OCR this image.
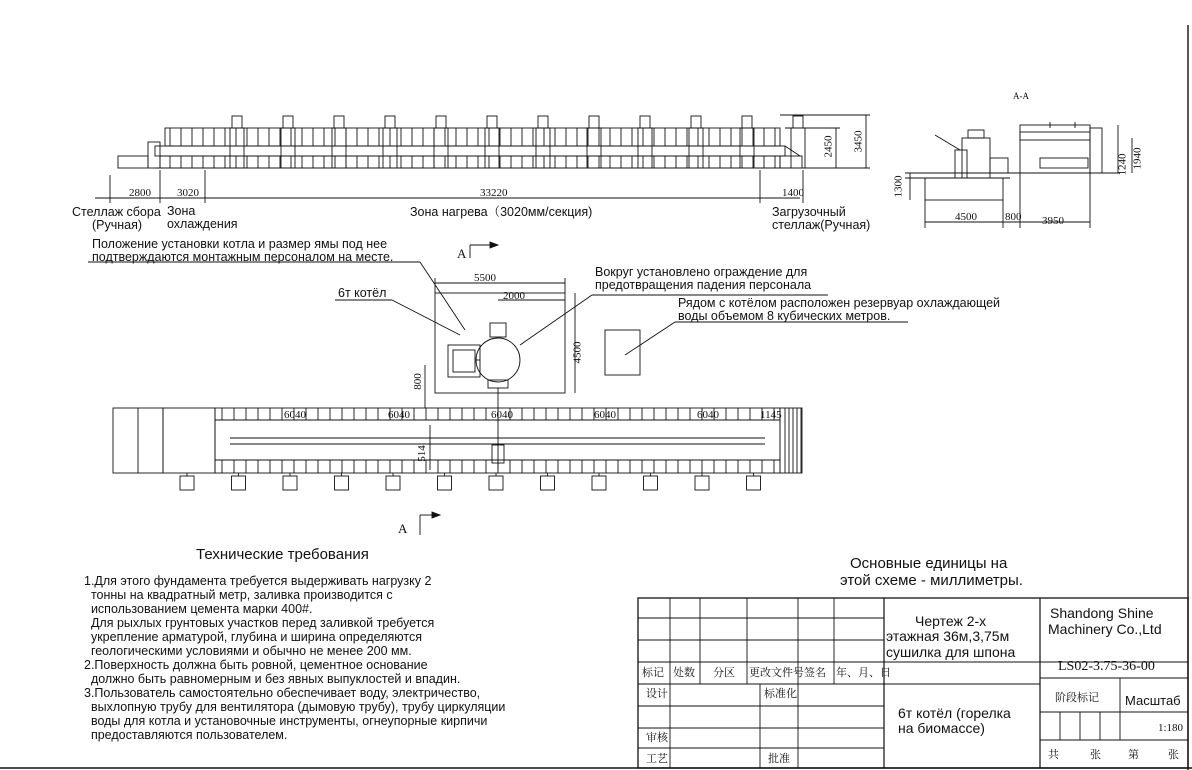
2800 3020	33220	1400
2450 3450
Стеллаж сбора
(Ручная)
Зона
охлаждения
Зона нагрева（3020мм/секция)	Загрузочный
стеллаж(Ручная)
A-A
1300
4500	800 3950
1240 1940
Положение установки котла и размер ямы под нее
подтверждаются монтажным персоналом на месте.
6т котёл
Вокруг установлено ограждение для
предотвращения падения персонала
Рядом с котёлом расположен резервуар охлаждающей
воды объемом 8 кубических метров.
A
A
5500
2000
4500
800
514
6040	6040	6040	6040	6040	1145
Технические требования
1.Для этого фундамента требуется выдерживать нагрузку 2
тонны на квадратный метр, заливка производится с
использованием цемента марки 400#.
Для рыхлых грунтовых участков перед заливкой требуется
укрепление арматурой, глубина и ширина определяются
геологическими условиями и обычно не менее 200 мм.
2.Поверхность должна быть ровной, цементное основание
должно быть равномерным и без явных выпуклостей и впадин.
3.Пользователь самостоятельно обеспечивает воду, электричество,
выхлопную трубу для вентилятора (дымовую трубу), трубу циркуляции
воды для котла и установочные инструменты, огнеупорные кирпичи
предоставляются пользователем.
Основные единицы на
этой схеме - миллиметры.
Чертеж 2-х
этажная 36м,3,75м
сушилка для шпона
Shandong Shine
Machinery Co.,Ltd
LS02-3.75-36-00
6т котёл (горелка
на биомассе)
阶段标记 Масштаб
1:180
标记 处数 分区 更改文件号 签名 年、月、日
设计	标准化
审核
工艺	批准	共	张 第	张
